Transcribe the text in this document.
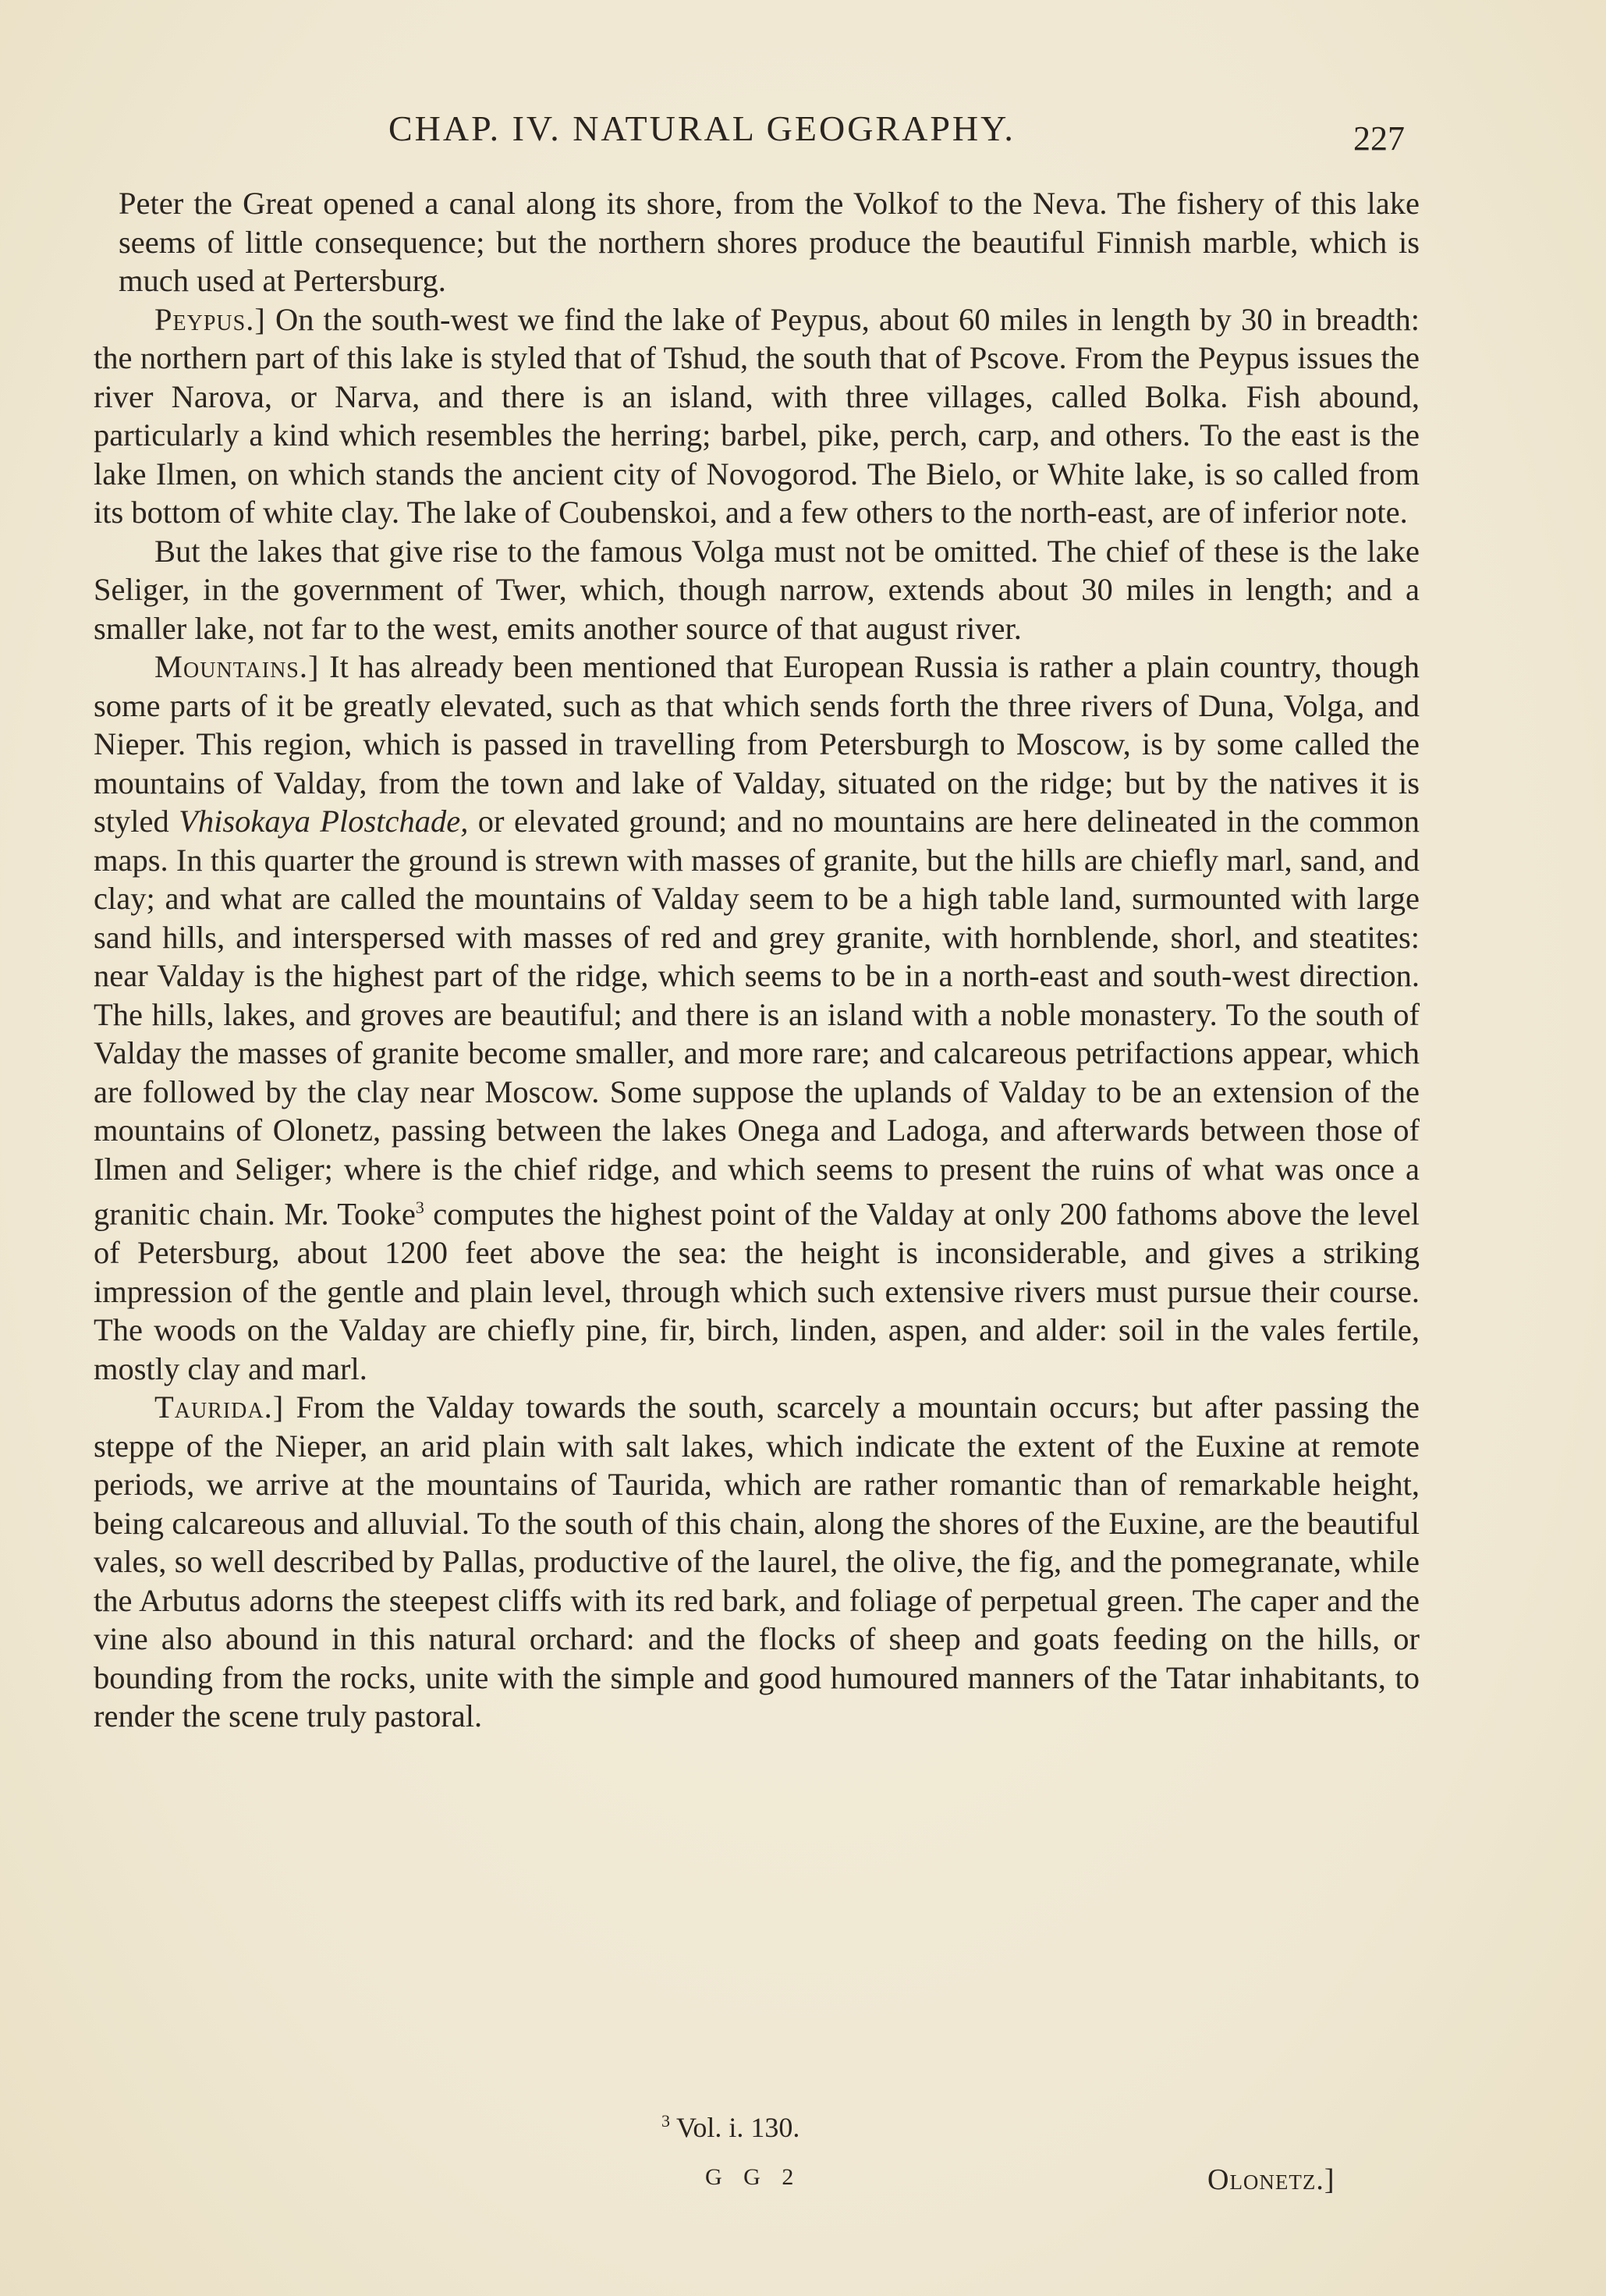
CHAP. IV. NATURAL GEOGRAPHY.	227

Peter the Great opened a canal along its shore, from the Volkof to the Neva. The fishery of this lake seems of little consequence; but the northern shores produce the beautiful Finnish marble, which is much used at Pertersburg.

Peypus.] On the south-west we find the lake of Peypus, about 60 miles in length by 30 in breadth: the northern part of this lake is styled that of Tshud, the south that of Pscove. From the Peypus issues the river Narova, or Narva, and there is an island, with three villages, called Bolka. Fish abound, particularly a kind which resembles the herring; barbel, pike, perch, carp, and others. To the east is the lake Ilmen, on which stands the ancient city of Novogorod. The Bielo, or White lake, is so called from its bottom of white clay. The lake of Coubenskoi, and a few others to the north-east, are of inferior note.

But the lakes that give rise to the famous Volga must not be omitted. The chief of these is the lake Seliger, in the government of Twer, which, though narrow, extends about 30 miles in length; and a smaller lake, not far to the west, emits another source of that august river.

Mountains.] It has already been mentioned that European Russia is rather a plain country, though some parts of it be greatly elevated, such as that which sends forth the three rivers of Duna, Volga, and Nieper. This region, which is passed in travelling from Petersburgh to Moscow, is by some called the mountains of Valday, from the town and lake of Valday, situated on the ridge; but by the natives it is styled Vhisokaya Plostchade, or elevated ground; and no mountains are here delineated in the common maps. In this quarter the ground is strewn with masses of granite, but the hills are chiefly marl, sand, and clay; and what are called the mountains of Valday seem to be a high table land, surmounted with large sand hills, and interspersed with masses of red and grey granite, with hornblende, shorl, and steatites: near Valday is the highest part of the ridge, which seems to be in a north-east and south-west direction. The hills, lakes, and groves are beautiful; and there is an island with a noble monastery. To the south of Valday the masses of granite become smaller, and more rare; and calcareous petrifactions appear, which are followed by the clay near Moscow. Some suppose the uplands of Valday to be an extension of the mountains of Olonetz, passing between the lakes Onega and Ladoga, and afterwards between those of Ilmen and Seliger; where is the chief ridge, and which seems to present the ruins of what was once a granitic chain. Mr. Tooke$^3$ computes the highest point of the Valday at only 200 fathoms above the level of Petersburg, about 1200 feet above the sea: the height is inconsiderable, and gives a striking impression of the gentle and plain level, through which such extensive rivers must pursue their course. The woods on the Valday are chiefly pine, fir, birch, linden, aspen, and alder: soil in the vales fertile, mostly clay and marl.

Taurida.] From the Valday towards the south, scarcely a mountain occurs; but after passing the steppe of the Nieper, an arid plain with salt lakes, which indicate the extent of the Euxine at remote periods, we arrive at the mountains of Taurida, which are rather romantic than of remarkable height, being calcareous and alluvial. To the south of this chain, along the shores of the Euxine, are the beautiful vales, so well described by Pallas, productive of the laurel, the olive, the fig, and the pomegranate, while the Arbutus adorns the steepest cliffs with its red bark, and foliage of perpetual green. The caper and the vine also abound in this natural orchard: and the flocks of sheep and goats feeding on the hills, or bounding from the rocks, unite with the simple and good humoured manners of the Tatar inhabitants, to render the scene truly pastoral.

$^3$ Vol. i. 130.
G G 2	Olonetz.]
